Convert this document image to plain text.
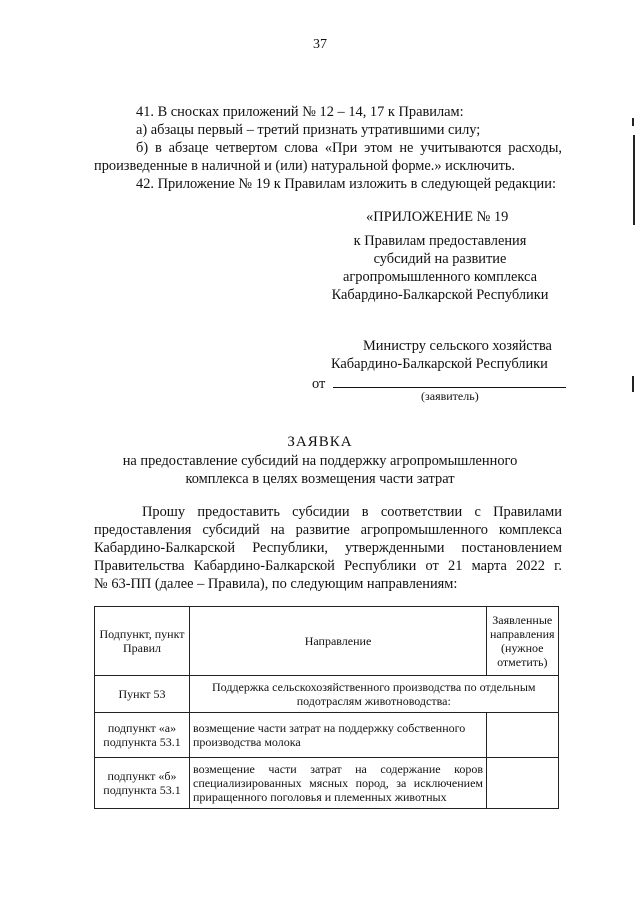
37
41. В сносках приложений № 12 – 14, 17 к Правилам:
а) абзацы первый – третий признать утратившими силу;
б) в абзаце четвертом слова «При этом не учитываются расходы,
произведенные в наличной и (или) натуральной форме.» исключить.
42. Приложение № 19 к Правилам изложить в следующей редакции:
«ПРИЛОЖЕНИЕ № 19
к Правилам предоставления
субсидий на развитие
агропромышленного комплекса
Кабардино-Балкарской Республики
Министру сельского хозяйства
Кабардино-Балкарской Республики
от
(заявитель)
ЗАЯВКА
на предоставление субсидий на поддержку агропромышленного
комплекса в целях возмещения части затрат
Прошу предоставить субсидии в соответствии с Правилами
предоставления субсидий на развитие агропромышленного комплекса
Кабардино-Балкарской Республики, утвержденными постановлением
Правительства Кабардино-Балкарской Республики от 21 марта 2022 г.
№ 63-ПП (далее – Правила), по следующим направлениям:
Подпункт, пункт Правил	Направление	Заявленные направления (нужное отметить)
Пункт 53	Поддержка сельскохозяйственного производства по отдельным подотраслям животноводства:	
подпункт «а» подпункта 53.1	возмещение части затрат на поддержку собственного производства молока	
подпункт «б» подпункта 53.1	возмещение части затрат на содержание коров специализированных мясных пород, за исключением приращенного поголовья и племенных животных	
